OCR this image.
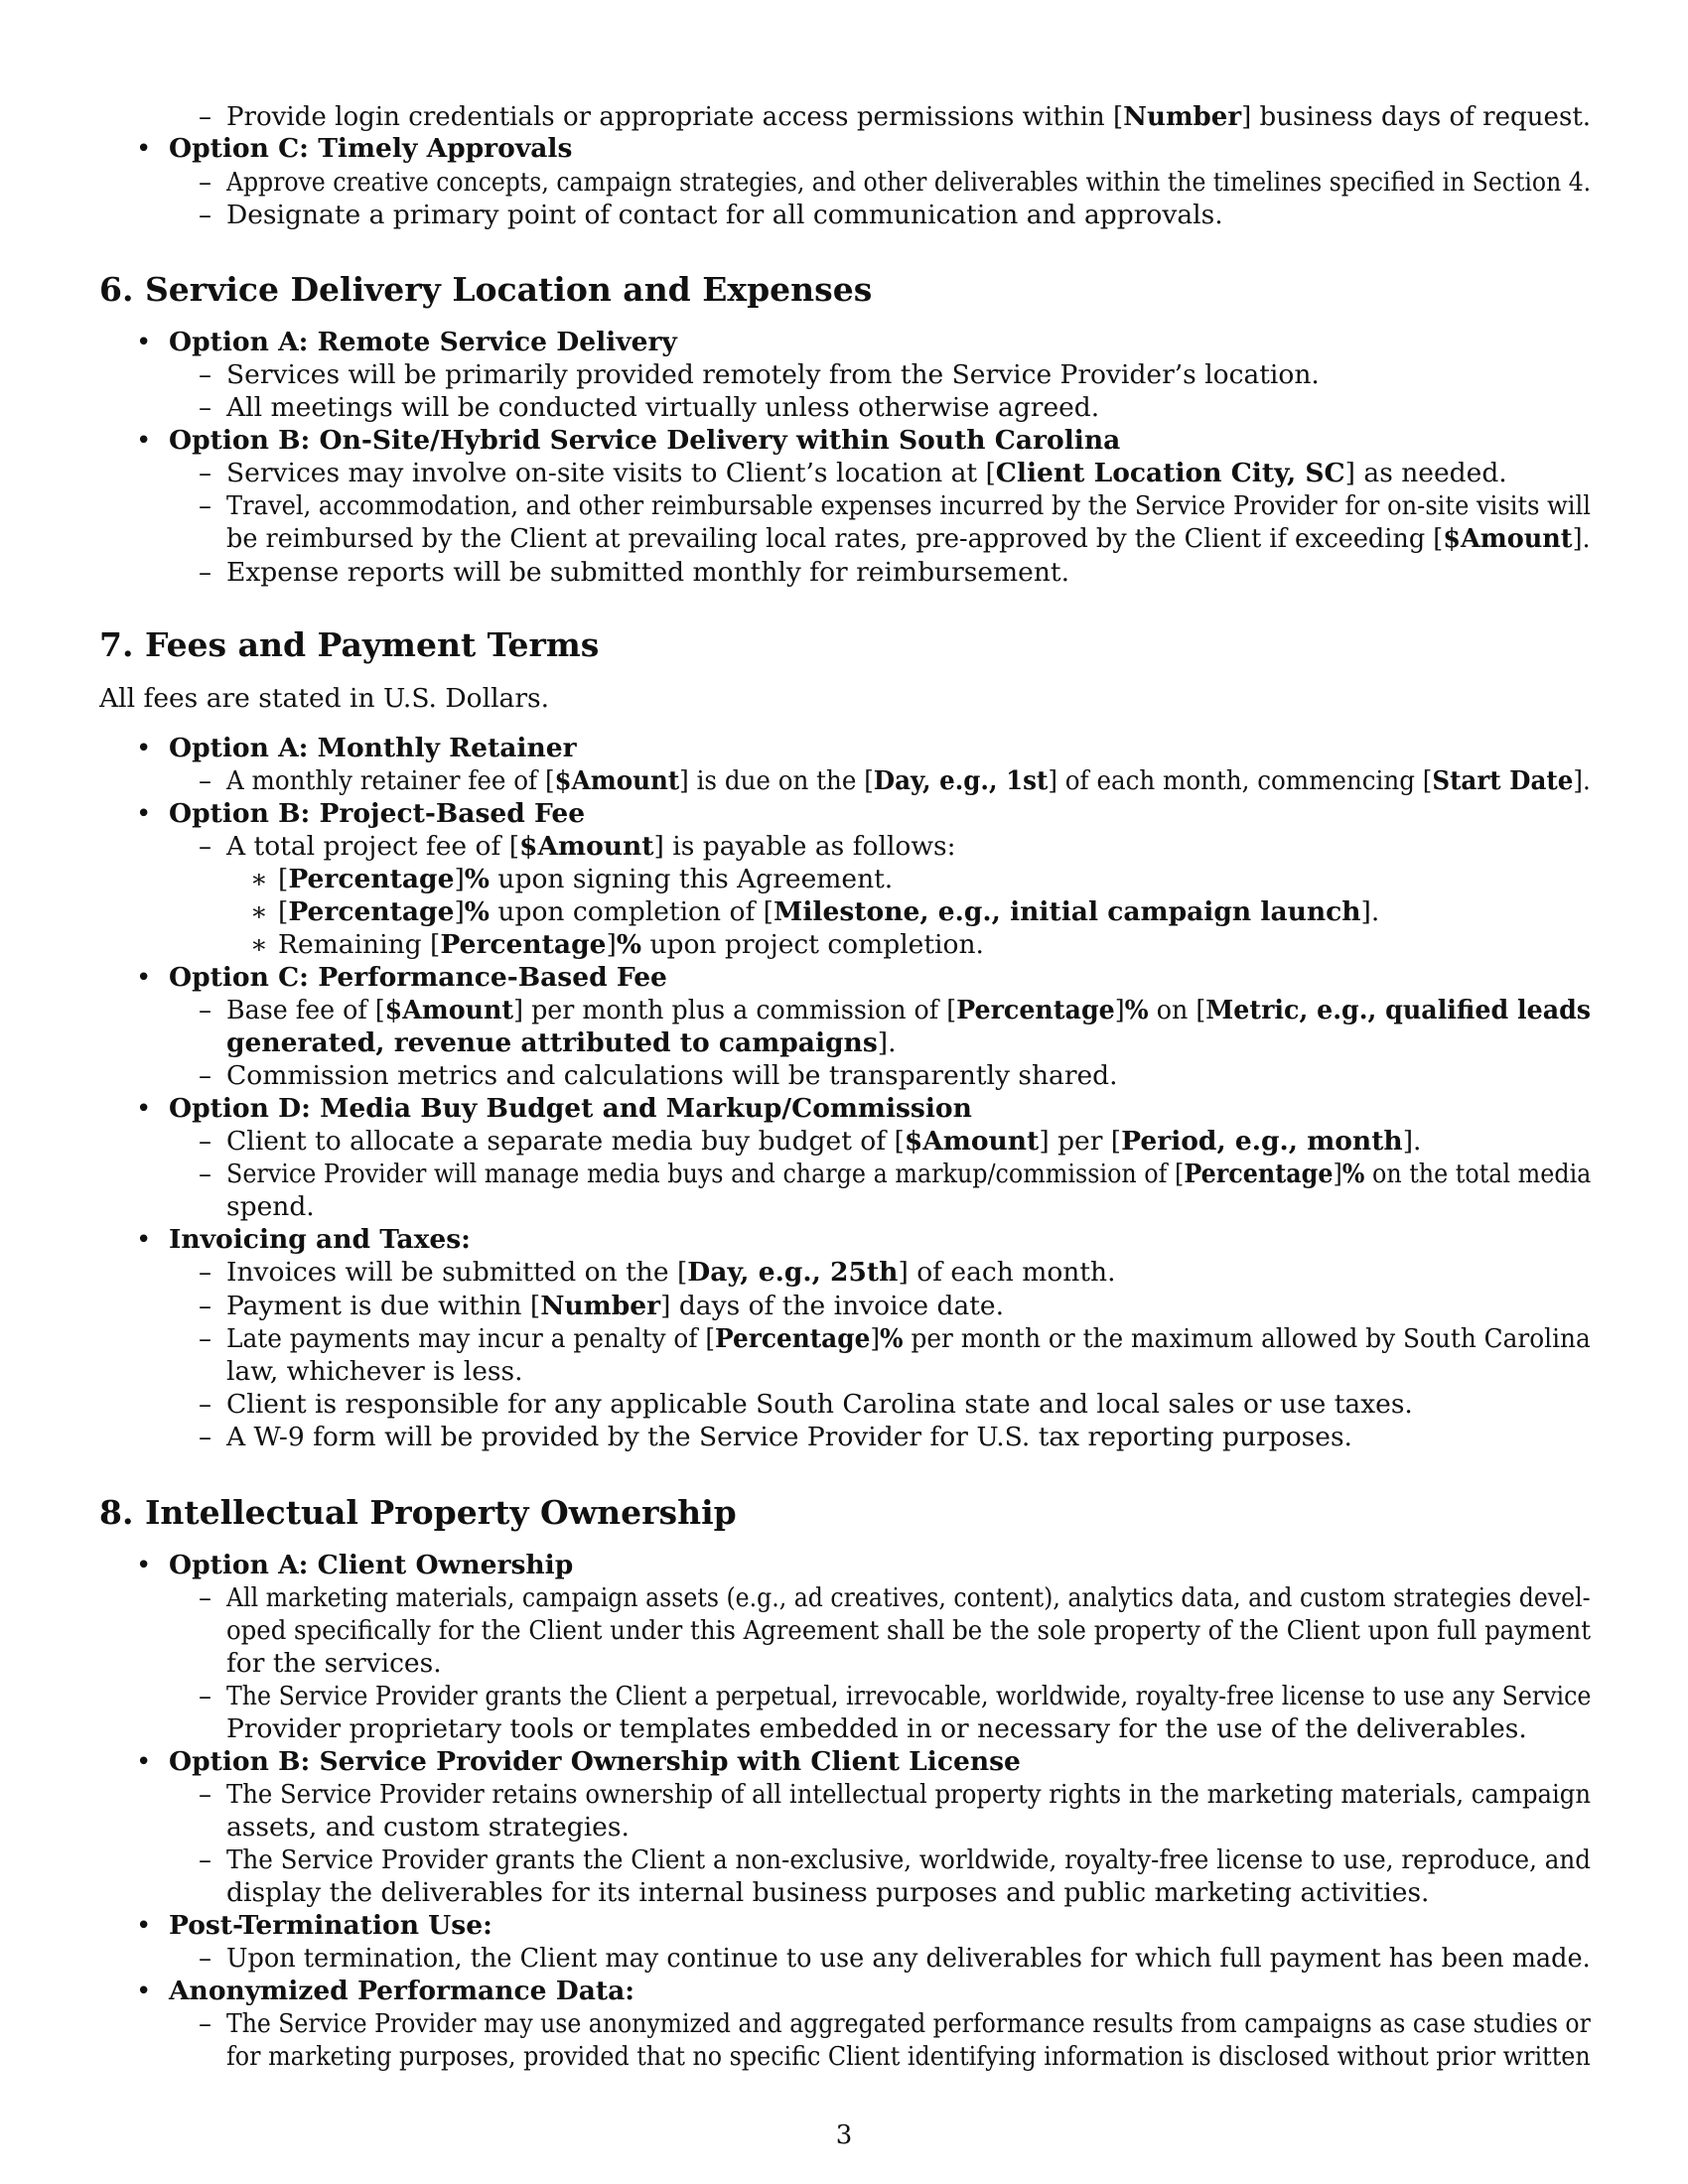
– Provide login credentials or appropriate access permissions within [Number] business days of request.
• Option C: Timely Approvals
– Approve creative concepts, campaign strategies, and other deliverables within the timelines specified in Section 4.
– Designate a primary point of contact for all communication and approvals.
6. Service Delivery Location and Expenses
• Option A: Remote Service Delivery
– Services will be primarily provided remotely from the Service Provider’s location.
– All meetings will be conducted virtually unless otherwise agreed.
• Option B: On-Site/Hybrid Service Delivery within South Carolina
– Services may involve on-site visits to Client’s location at [Client Location City, SC] as needed.
– Travel, accommodation, and other reimbursable expenses incurred by the Service Provider for on-site visits will
be reimbursed by the Client at prevailing local rates, pre-approved by the Client if exceeding [$Amount].
– Expense reports will be submitted monthly for reimbursement.
7. Fees and Payment Terms
All fees are stated in U.S. Dollars.
• Option A: Monthly Retainer
– A monthly retainer fee of [$Amount] is due on the [Day, e.g., 1st] of each month, commencing [Start Date].
• Option B: Project-Based Fee
– A total project fee of [$Amount] is payable as follows:
∗ [Percentage]% upon signing this Agreement.
∗ [Percentage]% upon completion of [Milestone, e.g., initial campaign launch].
∗ Remaining [Percentage]% upon project completion.
• Option C: Performance-Based Fee
– Base fee of [$Amount] per month plus a commission of [Percentage]% on [Metric, e.g., qualified leads
generated, revenue attributed to campaigns].
– Commission metrics and calculations will be transparently shared.
• Option D: Media Buy Budget and Markup/Commission
– Client to allocate a separate media buy budget of [$Amount] per [Period, e.g., month].
– Service Provider will manage media buys and charge a markup/commission of [Percentage]% on the total media
spend.
• Invoicing and Taxes:
– Invoices will be submitted on the [Day, e.g., 25th] of each month.
– Payment is due within [Number] days of the invoice date.
– Late payments may incur a penalty of [Percentage]% per month or the maximum allowed by South Carolina
law, whichever is less.
– Client is responsible for any applicable South Carolina state and local sales or use taxes.
– A W-9 form will be provided by the Service Provider for U.S. tax reporting purposes.
8. Intellectual Property Ownership
• Option A: Client Ownership
– All marketing materials, campaign assets (e.g., ad creatives, content), analytics data, and custom strategies devel-
oped specifically for the Client under this Agreement shall be the sole property of the Client upon full payment
for the services.
– The Service Provider grants the Client a perpetual, irrevocable, worldwide, royalty-free license to use any Service
Provider proprietary tools or templates embedded in or necessary for the use of the deliverables.
• Option B: Service Provider Ownership with Client License
– The Service Provider retains ownership of all intellectual property rights in the marketing materials, campaign
assets, and custom strategies.
– The Service Provider grants the Client a non-exclusive, worldwide, royalty-free license to use, reproduce, and
display the deliverables for its internal business purposes and public marketing activities.
• Post-Termination Use:
– Upon termination, the Client may continue to use any deliverables for which full payment has been made.
• Anonymized Performance Data:
– The Service Provider may use anonymized and aggregated performance results from campaigns as case studies or
for marketing purposes, provided that no specific Client identifying information is disclosed without prior written
3
